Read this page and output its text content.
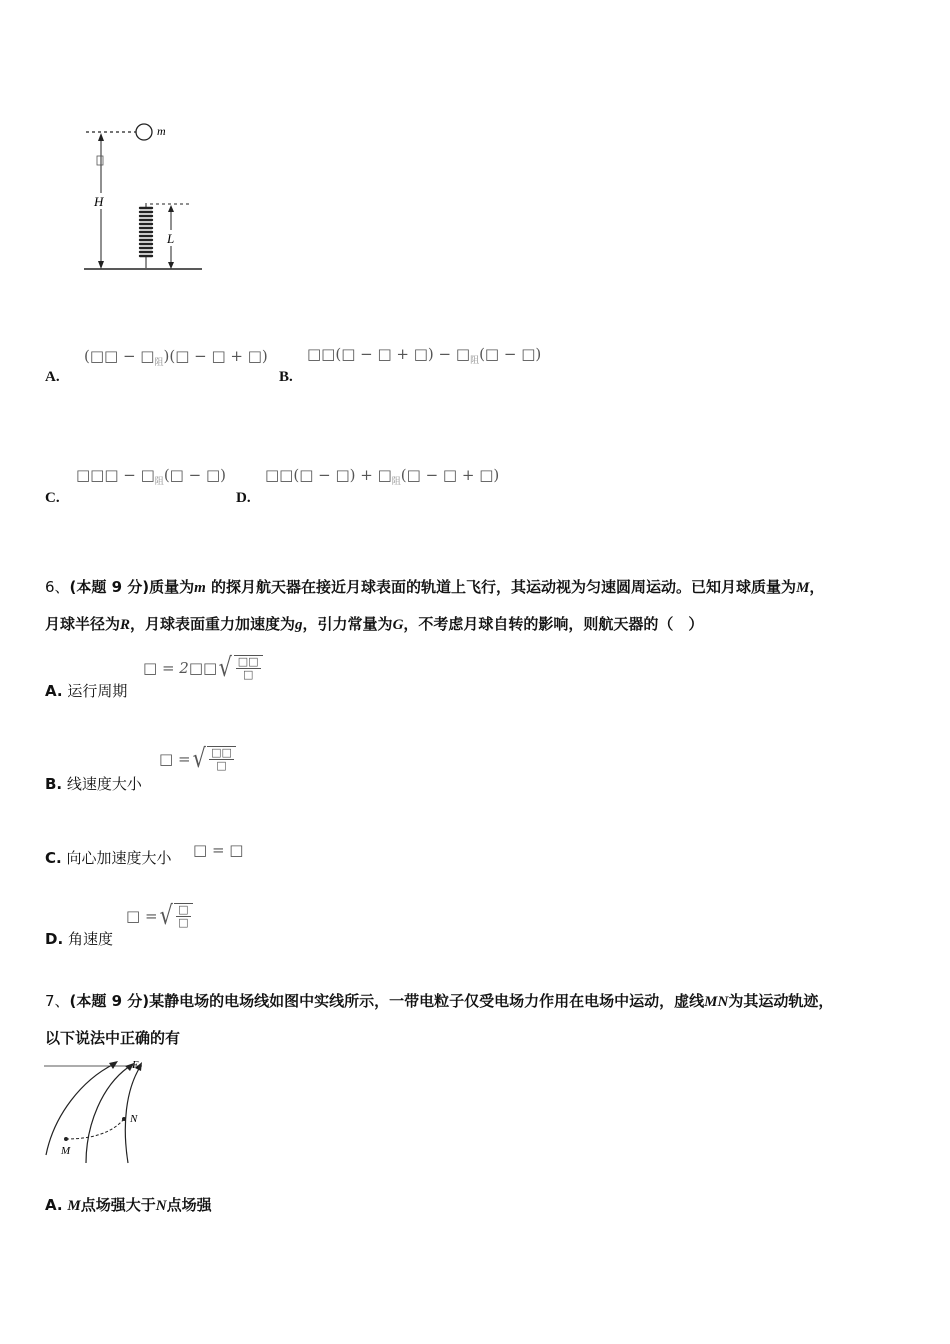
m
H
L
A.
(□□ − $□_阻)(□$ − □ + □)
B.
□□(□ − □ + □) − $□_阻(□$ − □)
C.
□□□ − $□_阻(□$ − □)
D.
□□(□ − □) + $□_阻(□$ − □ + □)
6、(本题 9 分)质量为m 的探月航天器在接近月球表面的轨道上飞行，其运动视为匀速圆周运动。已知月球质量为M，
月球半径为R，月球表面重力加速度为g，引力常量为G，不考虑月球自转的影响，则航天器的（　）
A. 运行周期
□ = 2□□√ $\frac{□□}{□}$
B. 线速度大小
□ =√ $\frac{□□}{□}$
C. 向心加速度大小 □ = □
D. 角速度
□ =√ $\frac{□}{□}$
7、(本题 9 分)某静电场的电场线如图中实线所示，一带电粒子仅受电场力作用在电场中运动，虚线MN为其运动轨迹，
以下说法中正确的有
M
N
E
A. M点场强大于N点场强
